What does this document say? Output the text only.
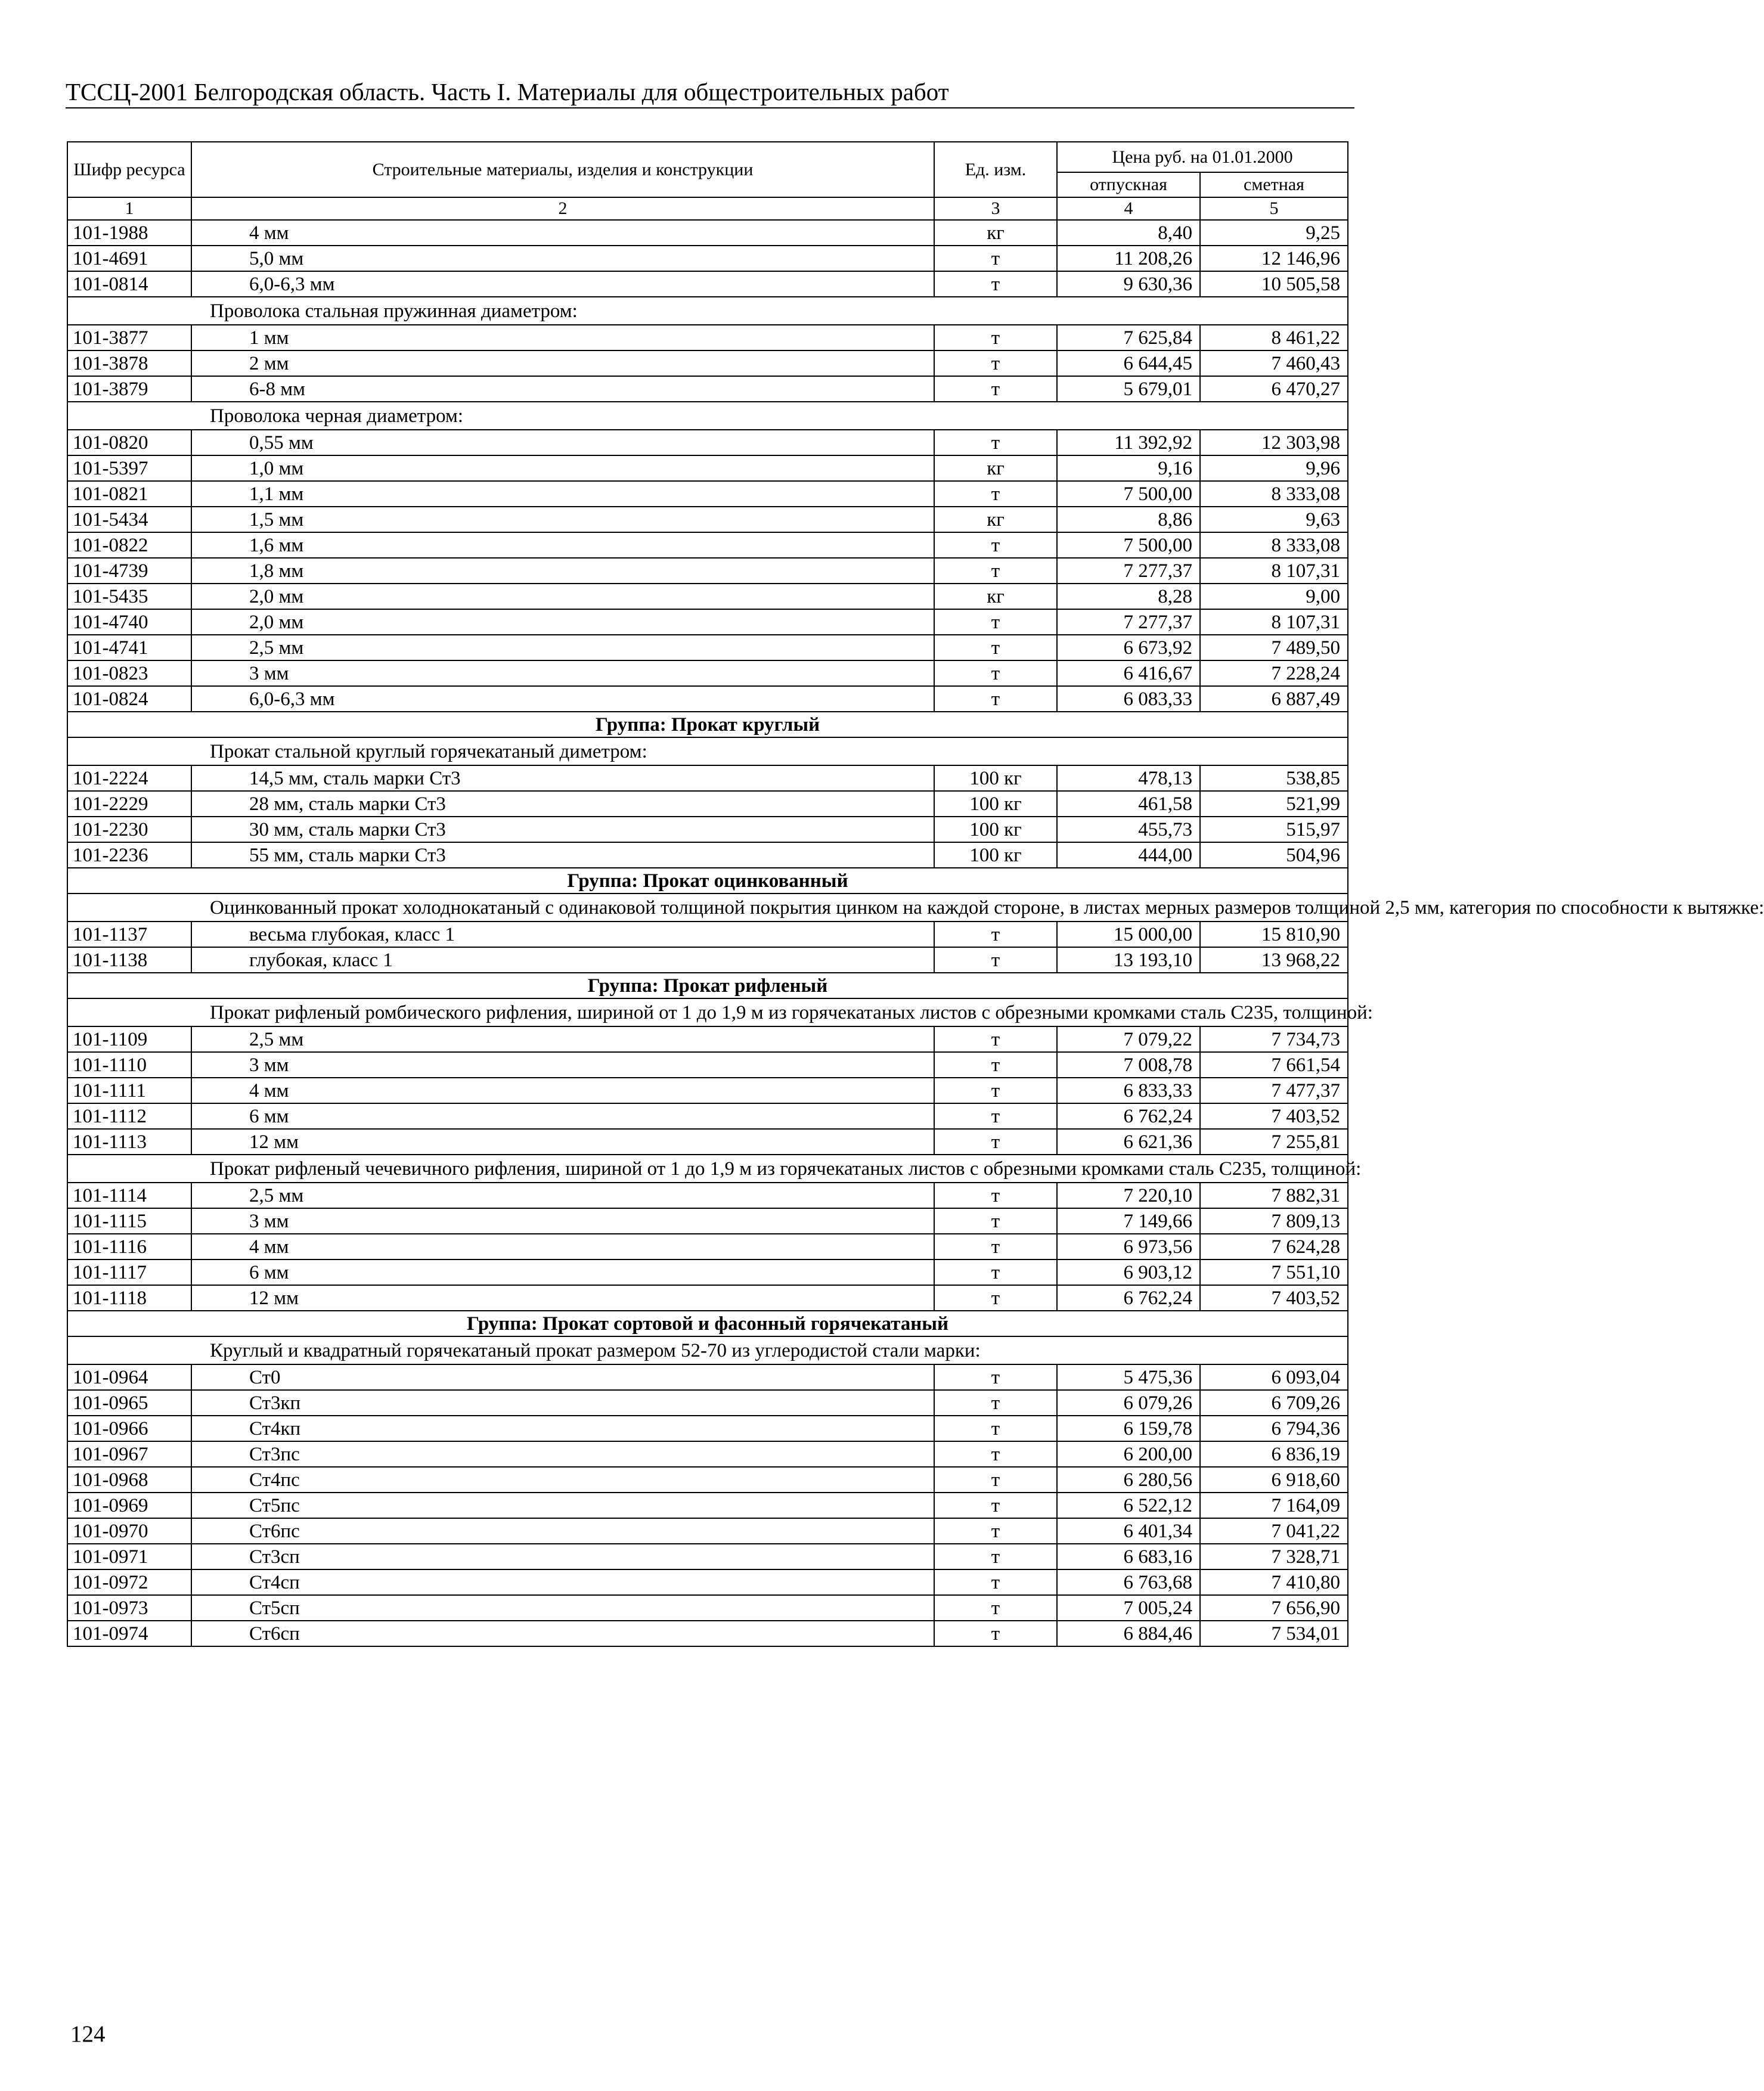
ТССЦ-2001 Белгородская область. Часть I. Материалы для общестроительных работ
Шифр ресурса	Строительные материалы, изделия и конструкции	Ед. изм.	Цена руб. на 01.01.2000	
			отпускная	сметная
1	2	3	4	5
101-1988	4 мм	кг	8,40	9,25
101-4691	5,0 мм	т	11 208,26	12 146,96
101-0814	6,0-6,3 мм	т	9 630,36	10 505,58

Проволока стальная пружинная диаметром:				

101-3877	1 мм	т	7 625,84	8 461,22
101-3878	2 мм	т	6 644,45	7 460,43
101-3879	6-8 мм	т	5 679,01	6 470,27

Проволока черная диаметром:				

101-0820	0,55 мм	т	11 392,92	12 303,98
101-5397	1,0 мм	кг	9,16	9,96
101-0821	1,1 мм	т	7 500,00	8 333,08
101-5434	1,5 мм	кг	8,86	9,63
101-0822	1,6 мм	т	7 500,00	8 333,08
101-4739	1,8 мм	т	7 277,37	8 107,31
101-5435	2,0 мм	кг	8,28	9,00
101-4740	2,0 мм	т	7 277,37	8 107,31
101-4741	2,5 мм	т	6 673,92	7 489,50
101-0823	3 мм	т	6 416,67	7 228,24
101-0824	6,0-6,3 мм	т	6 083,33	6 887,49
Группа: Прокат круглый				

Прокат стальной круглый горячекатаный диметром:				

101-2224	14,5 мм, сталь марки Ст3	100 кг	478,13	538,85
101-2229	28 мм, сталь марки Ст3	100 кг	461,58	521,99
101-2230	30 мм, сталь марки Ст3	100 кг	455,73	515,97
101-2236	55 мм, сталь марки Ст3	100 кг	444,00	504,96
Группа: Прокат оцинкованный				

Оцинкованный прокат холоднокатаный с одинаковой толщиной покрытия цинком на каждой стороне, в листах мерных размеров толщиной 2,5 мм, категория по способности к вытяжке:				

101-1137	весьма глубокая, класс 1	т	15 000,00	15 810,90
101-1138	глубокая, класс 1	т	13 193,10	13 968,22
Группа: Прокат рифленый				

Прокат рифленый ромбического рифления, шириной от 1 до 1,9 м из горячекатаных листов с обрезными кромками сталь С235, толщиной:				

101-1109	2,5 мм	т	7 079,22	7 734,73
101-1110	3 мм	т	7 008,78	7 661,54
101-1111	4 мм	т	6 833,33	7 477,37
101-1112	6 мм	т	6 762,24	7 403,52
101-1113	12 мм	т	6 621,36	7 255,81

Прокат рифленый чечевичного рифления, шириной от 1 до 1,9 м из горячекатаных листов с обрезными кромками сталь С235, толщиной:				

101-1114	2,5 мм	т	7 220,10	7 882,31
101-1115	3 мм	т	7 149,66	7 809,13
101-1116	4 мм	т	6 973,56	7 624,28
101-1117	6 мм	т	6 903,12	7 551,10
101-1118	12 мм	т	6 762,24	7 403,52
Группа: Прокат сортовой и фасонный горячекатаный				

Круглый и квадратный горячекатаный прокат размером 52-70 из углеродистой стали марки:				

101-0964	Ст0	т	5 475,36	6 093,04
101-0965	Ст3кп	т	6 079,26	6 709,26
101-0966	Ст4кп	т	6 159,78	6 794,36
101-0967	Ст3пс	т	6 200,00	6 836,19
101-0968	Ст4пс	т	6 280,56	6 918,60
101-0969	Ст5пс	т	6 522,12	7 164,09
101-0970	Ст6пс	т	6 401,34	7 041,22
101-0971	Ст3сп	т	6 683,16	7 328,71
101-0972	Ст4сп	т	6 763,68	7 410,80
101-0973	Ст5сп	т	7 005,24	7 656,90
101-0974	Ст6сп	т	6 884,46	7 534,01
124
